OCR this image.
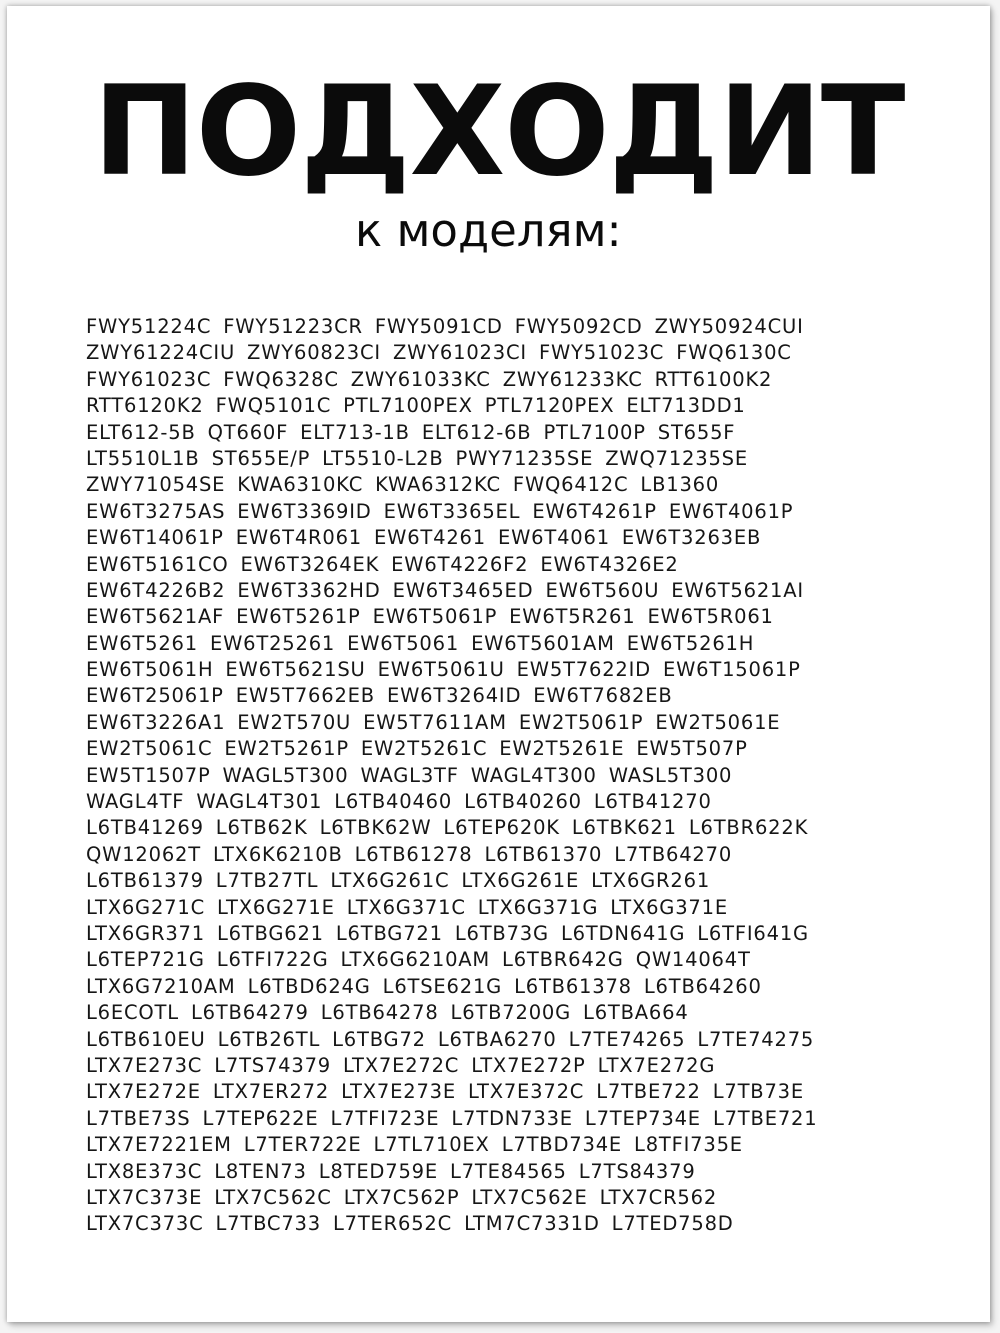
ПОДХОДИТ
к моделям:
FWY51224C FWY51223CR FWY5091CD FWY5092CD ZWY50924CUI
ZWY61224CIU ZWY60823CI ZWY61023CI FWY51023C FWQ6130C
FWY61023C FWQ6328C ZWY61033KC ZWY61233KC RTT6100K2
RTT6120K2 FWQ5101C PTL7100PEX PTL7120PEX ELT713DD1
ELT612-5B QT660F ELT713-1B ELT612-6B PTL7100P ST655F
LT5510L1B ST655E/P LT5510-L2B PWY71235SE ZWQ71235SE
ZWY71054SE KWA6310KC KWA6312KC FWQ6412C LB1360
EW6T3275AS EW6T3369ID EW6T3365EL EW6T4261P EW6T4061P
EW6T14061P EW6T4R061 EW6T4261 EW6T4061 EW6T3263EB
EW6T5161CO EW6T3264EK EW6T4226F2 EW6T4326E2
EW6T4226B2 EW6T3362HD EW6T3465ED EW6T560U EW6T5621AI
EW6T5621AF EW6T5261P EW6T5061P EW6T5R261 EW6T5R061
EW6T5261 EW6T25261 EW6T5061 EW6T5601AM EW6T5261H
EW6T5061H EW6T5621SU EW6T5061U EW5T7622ID EW6T15061P
EW6T25061P EW5T7662EB EW6T3264ID EW6T7682EB
EW6T3226A1 EW2T570U EW5T7611AM EW2T5061P EW2T5061E
EW2T5061C EW2T5261P EW2T5261C EW2T5261E EW5T507P
EW5T1507P WAGL5T300 WAGL3TF WAGL4T300 WASL5T300
WAGL4TF WAGL4T301 L6TB40460 L6TB40260 L6TB41270
L6TB41269 L6TB62K L6TBK62W L6TEP620K L6TBK621 L6TBR622K
QW12062T LTX6K6210B L6TB61278 L6TB61370 L7TB64270
L6TB61379 L7TB27TL LTX6G261C LTX6G261E LTX6GR261
LTX6G271C LTX6G271E LTX6G371C LTX6G371G LTX6G371E
LTX6GR371 L6TBG621 L6TBG721 L6TB73G L6TDN641G L6TFI641G
L6TEP721G L6TFI722G LTX6G6210AM L6TBR642G QW14064T
LTX6G7210AM L6TBD624G L6TSE621G L6TB61378 L6TB64260
L6ECOTL L6TB64279 L6TB64278 L6TB7200G L6TBA664
L6TB610EU L6TB26TL L6TBG72 L6TBA6270 L7TE74265 L7TE74275
LTX7E273C L7TS74379 LTX7E272C LTX7E272P LTX7E272G
LTX7E272E LTX7ER272 LTX7E273E LTX7E372C L7TBE722 L7TB73E
L7TBE73S L7TEP622E L7TFI723E L7TDN733E L7TEP734E L7TBE721
LTX7E7221EM L7TER722E L7TL710EX L7TBD734E L8TFI735E
LTX8E373C L8TEN73 L8TED759E L7TE84565 L7TS84379
LTX7C373E LTX7C562C LTX7C562P LTX7C562E LTX7CR562
LTX7C373C L7TBC733 L7TER652C LTM7C7331D L7TED758D
